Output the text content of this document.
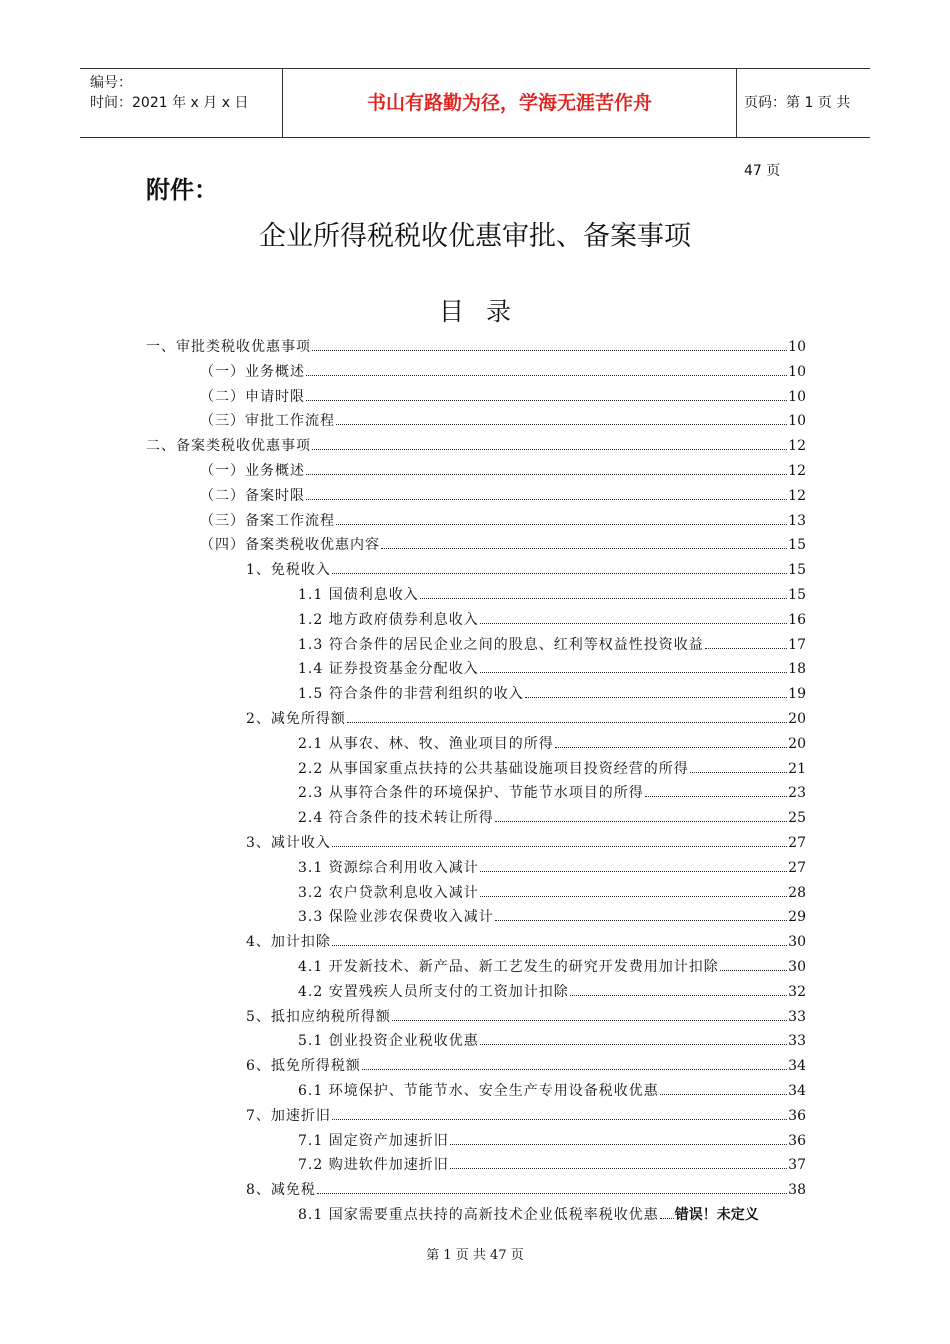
编号：
时间：2021 年 x 月 x 日	书山有路勤为径，学海无涯苦作舟	页码：第 1 页 共 47 页
附件：
企业所得税税收优惠审批、备案事项
目录
一、审批类税收优惠事项	10
（一）业务概述	10
（二）申请时限	10
（三）审批工作流程	10
二、备案类税收优惠事项	12
（一）业务概述	12
（二）备案时限	12
（三）备案工作流程	13
（四）备案类税收优惠内容	15
1、免税收入	15
1.1 国债利息收入	15
1.2 地方政府债券利息收入	16
1.3 符合条件的居民企业之间的股息、红利等权益性投资收益	17
1.4 证券投资基金分配收入	18
1.5 符合条件的非营利组织的收入	19
2、减免所得额	20
2.1 从事农、林、牧、渔业项目的所得	20
2.2 从事国家重点扶持的公共基础设施项目投资经营的所得	21
2.3 从事符合条件的环境保护、节能节水项目的所得	23
2.4 符合条件的技术转让所得	25
3、减计收入	27
3.1 资源综合利用收入减计	27
3.2 农户贷款利息收入减计	28
3.3 保险业涉农保费收入减计	29
4、加计扣除	30
4.1 开发新技术、新产品、新工艺发生的研究开发费用加计扣除	30
4.2 安置残疾人员所支付的工资加计扣除	32
5、抵扣应纳税所得额	33
5.1 创业投资企业税收优惠	33
6、抵免所得税额	34
6.1 环境保护、节能节水、安全生产专用设备税收优惠	34
7、加速折旧	36
7.1 固定资产加速折旧	36
7.2 购进软件加速折旧	37
8、减免税	38
8.1 国家需要重点扶持的高新技术企业低税率税收优惠 错误！未定义
第 1 页 共 47 页
